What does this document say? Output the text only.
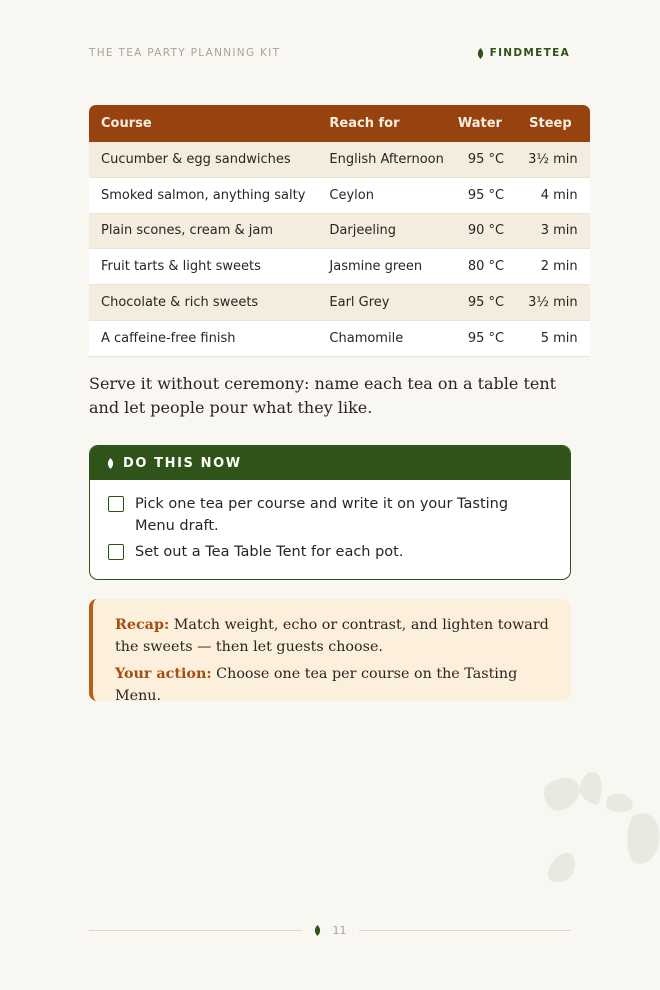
THE TEA PARTY PLANNING KIT	FINDMETEA
Course	Reach for	Water	Steep
Cucumber & egg sandwiches	English Afternoon	95 °C	3½ min
Smoked salmon, anything salty	Ceylon	95 °C	4 min
Plain scones, cream & jam	Darjeeling	90 °C	3 min
Fruit tarts & light sweets	Jasmine green	80 °C	2 min
Chocolate & rich sweets	Earl Grey	95 °C	3½ min
A caffeine-free finish	Chamomile	95 °C	5 min

Serve it without ceremony: name each tea on a table tent and let people pour what they like.

DO THIS NOW
Pick one tea per course and write it on your Tasting Menu draft.
Set out a Tea Table Tent for each pot.

Recap: Match weight, echo or contrast, and lighten toward the sweets — then let guests choose.

Your action: Choose one tea per course on the Tasting Menu.

11
